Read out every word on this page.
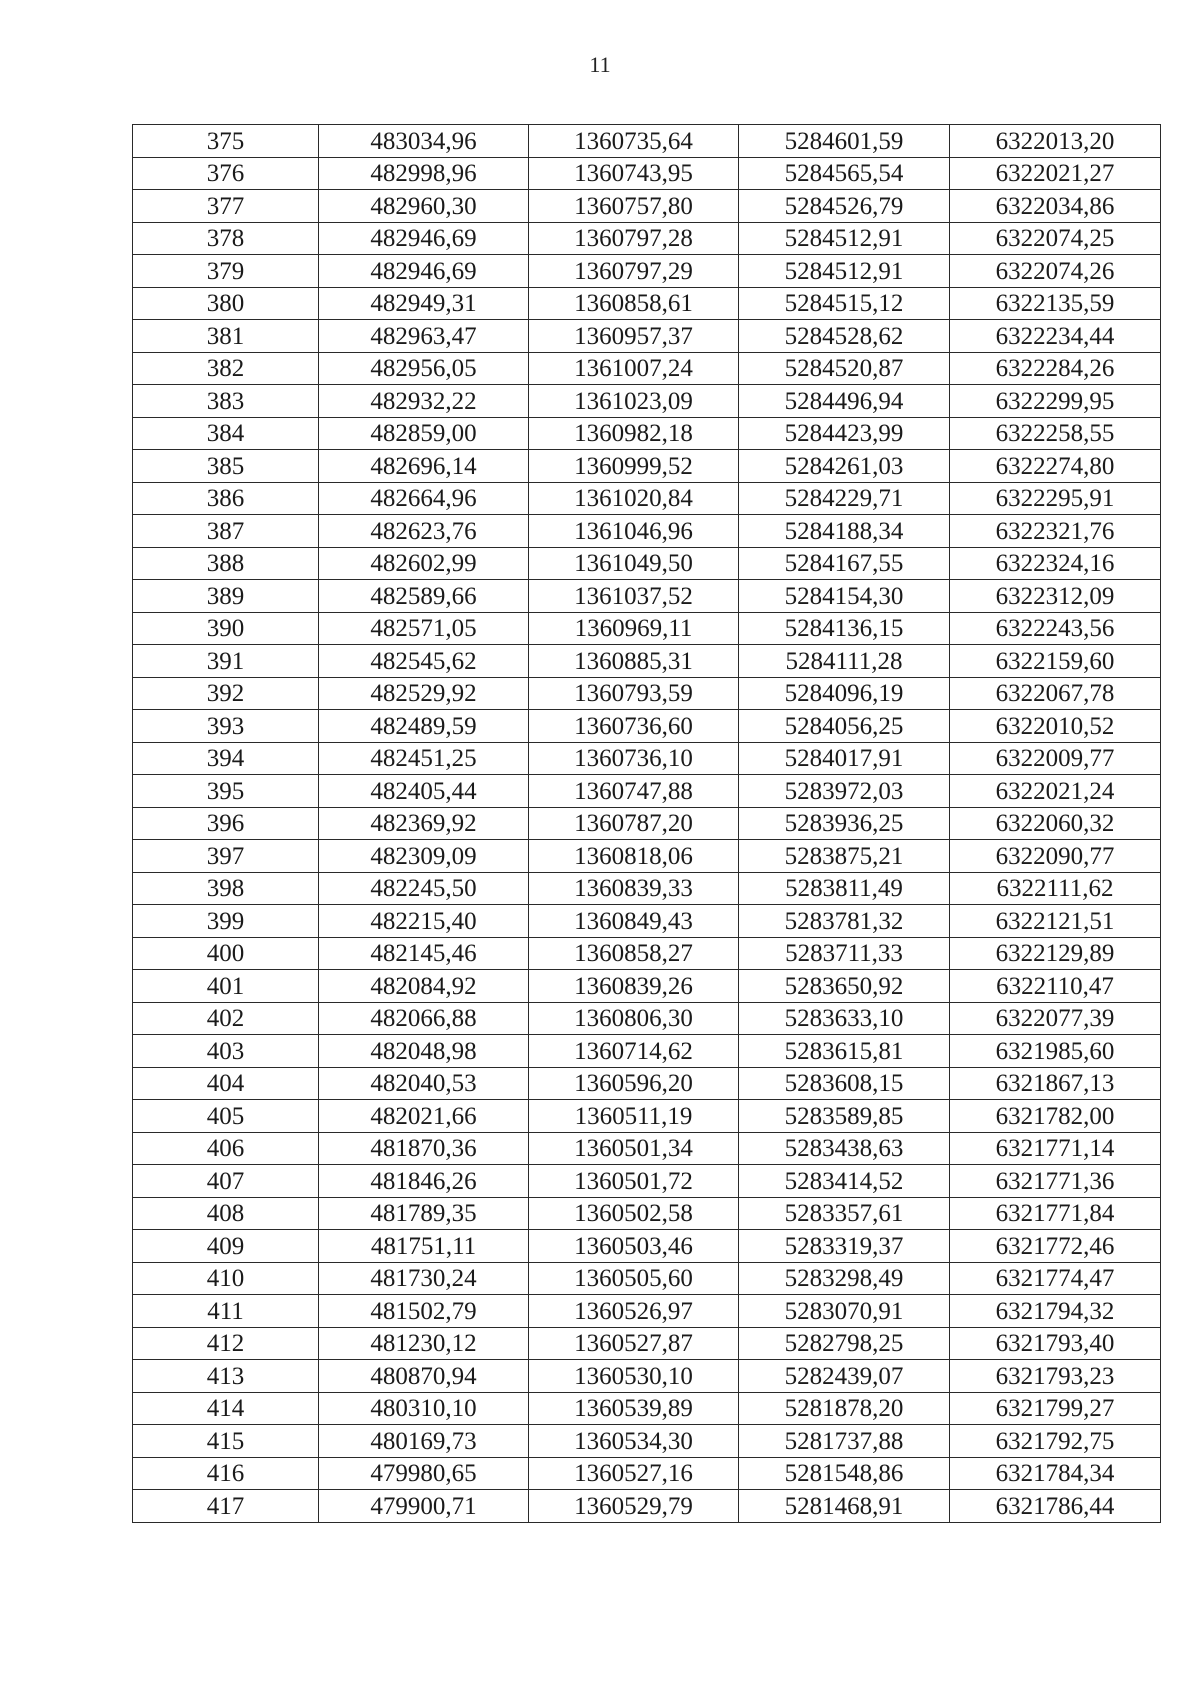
11
375	483034,96	1360735,64	5284601,59	6322013,20
376	482998,96	1360743,95	5284565,54	6322021,27
377	482960,30	1360757,80	5284526,79	6322034,86
378	482946,69	1360797,28	5284512,91	6322074,25
379	482946,69	1360797,29	5284512,91	6322074,26
380	482949,31	1360858,61	5284515,12	6322135,59
381	482963,47	1360957,37	5284528,62	6322234,44
382	482956,05	1361007,24	5284520,87	6322284,26
383	482932,22	1361023,09	5284496,94	6322299,95
384	482859,00	1360982,18	5284423,99	6322258,55
385	482696,14	1360999,52	5284261,03	6322274,80
386	482664,96	1361020,84	5284229,71	6322295,91
387	482623,76	1361046,96	5284188,34	6322321,76
388	482602,99	1361049,50	5284167,55	6322324,16
389	482589,66	1361037,52	5284154,30	6322312,09
390	482571,05	1360969,11	5284136,15	6322243,56
391	482545,62	1360885,31	5284111,28	6322159,60
392	482529,92	1360793,59	5284096,19	6322067,78
393	482489,59	1360736,60	5284056,25	6322010,52
394	482451,25	1360736,10	5284017,91	6322009,77
395	482405,44	1360747,88	5283972,03	6322021,24
396	482369,92	1360787,20	5283936,25	6322060,32
397	482309,09	1360818,06	5283875,21	6322090,77
398	482245,50	1360839,33	5283811,49	6322111,62
399	482215,40	1360849,43	5283781,32	6322121,51
400	482145,46	1360858,27	5283711,33	6322129,89
401	482084,92	1360839,26	5283650,92	6322110,47
402	482066,88	1360806,30	5283633,10	6322077,39
403	482048,98	1360714,62	5283615,81	6321985,60
404	482040,53	1360596,20	5283608,15	6321867,13
405	482021,66	1360511,19	5283589,85	6321782,00
406	481870,36	1360501,34	5283438,63	6321771,14
407	481846,26	1360501,72	5283414,52	6321771,36
408	481789,35	1360502,58	5283357,61	6321771,84
409	481751,11	1360503,46	5283319,37	6321772,46
410	481730,24	1360505,60	5283298,49	6321774,47
411	481502,79	1360526,97	5283070,91	6321794,32
412	481230,12	1360527,87	5282798,25	6321793,40
413	480870,94	1360530,10	5282439,07	6321793,23
414	480310,10	1360539,89	5281878,20	6321799,27
415	480169,73	1360534,30	5281737,88	6321792,75
416	479980,65	1360527,16	5281548,86	6321784,34
417	479900,71	1360529,79	5281468,91	6321786,44
